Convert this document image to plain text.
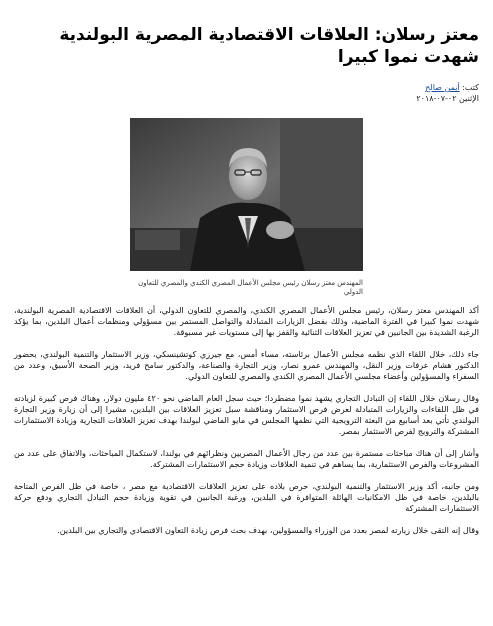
معتز رسلان: العلاقات الاقتصادية المصرية البولندية شهدت نموا كبيرا
كتب: أيمن صالح
الإثنين ٠٢-٠٧-٢٠١٨
المهندس معتز رسلان رئيس مجلس الأعمال المصري الكندي والمصري للتعاون الدولي

أكد المهندس معتز رسلان، رئيس مجلس الأعمال المصري الكندي، والمصري للتعاون الدولي، أن العلاقات الاقتصادية المصرية البولندية، شهدت نموا كبيرا في الفترة الماضية، وذلك بفضل الزيارات المتبادلة والتواصل المستمر بين مسؤولي ومنظمات أعمال البلدين، بما يؤكد الرغبة الشديدة بين الجانبين في تعزيز العلاقات الثنائية والقفز بها إلى مستويات غير مسبوقة.

جاء ذلك، خلال اللقاء الذي نظمه مجلس الأعمال برئاسته، مساء أمس، مع جيرزي كوتشينسكي، وزير الاستثمار والتنمية البولندي، بحضور الدكتور هشام عرفات وزير النقل، والمهندس عمرو نصار، وزير التجارة والصناعة، والدكتور سامح فريد، وزير الصحة الأسبق، وعدد من السفراء والمسؤولين وأعضاء مجلسي الأعمال المصري الكندي والمصري للتعاون الدولي.

وقال رسلان خلال اللقاء إن التبادل التجاري يشهد نموا مضطردا؛ حيث سجل العام الماضي نحو ٤٢٠ مليون دولار، وهناك فرص كبيرة لزيادته في ظل اللقاءات والزيارات المتبادلة لعرض فرص الاستثمار ومناقشة سبل تعزيز العلاقات بين البلدين، مشيرا إلى أن زيارة وزير التجارة البولندي تأتي بعد أسابيع من البعثة الترويجية التي نظمها المجلس في مايو الماضي لبولندا بهدف تعزيز العلاقات التجارية وزيادة الاستثمارات المشتركة والترويج لفرص الاستثمار بمصر.

وأشار إلى أن هناك مباحثات مستمرة بين عدد من رجال الأعمال المصريين ونظرائهم في بولندا، لاستكمال المباحثات، والاتفاق على عدد من المشروعات والفرص الاستثمارية، بما يساهم في تنمية العلاقات وزيادة حجم الاستثمارات المشتركة.

ومن جانبه، أكد وزير الاستثمار والتنمية البولندي، حرص بلاده على تعزيز العلاقات الاقتصادية مع مصر ، خاصة في ظل الفرص المتاحة بالبلدين، خاصة في ظل الامكانيات الهائلة المتوافرة في البلدين، ورغبة الجانبين في تقوية وزيادة حجم التبادل التجاري ودفع حركة الاستثمارات المشتركة

وقال إنه التقى خلال زيارته لمصر بعدد من الوزراء والمسؤولين، بهدف بحث فرص زيادة التعاون الاقتصادي والتجاري بين البلدين.
